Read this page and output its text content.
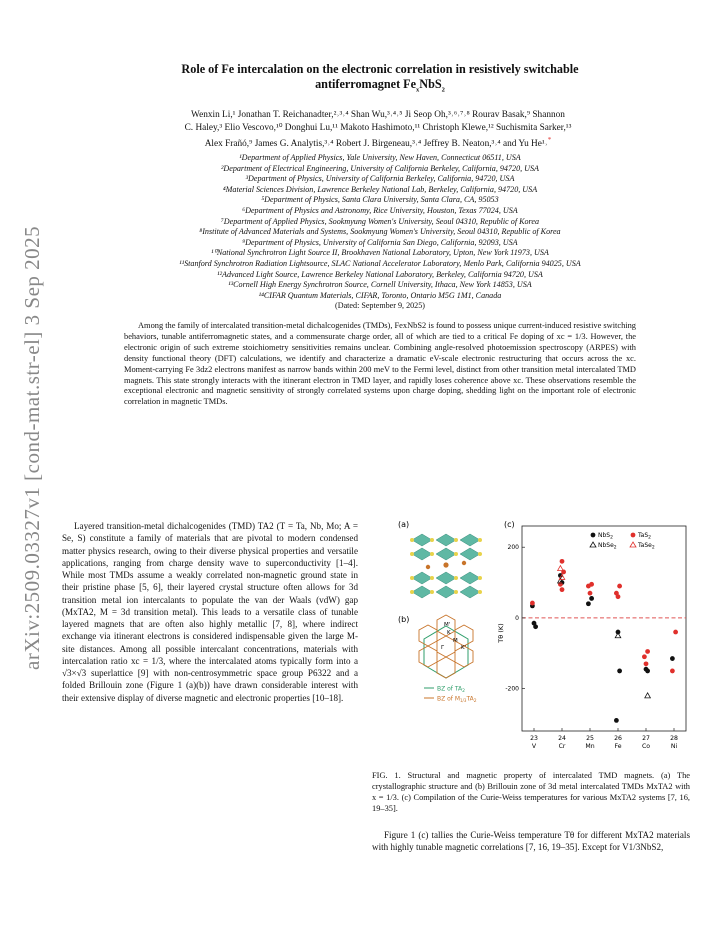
arXiv:2509.03327v1 [cond-mat.str-el] 3 Sep 2025
Role of Fe intercalation on the electronic correlation in resistively switchable
antiferromagnet $Fe_xNbS_2$
Wenxin Li,¹ Jonathan T. Reichanadter,²˒³˒⁴ Shan Wu,³˒⁴˒⁵ Ji Seop Oh,³˒⁶˒⁷˒⁸ Rourav Basak,⁹ Shannon
C. Haley,³ Elio Vescovo,¹⁰ Donghui Lu,¹¹ Makoto Hashimoto,¹¹ Christoph Klewe,¹² Suchismita Sarker,¹³
Alex Frañó,⁹ James G. Analytis,³˒⁴ Robert J. Birgeneau,³˒⁴ Jeffrey B. Neaton,³˒⁴ and Yu He¹˒*
¹Department of Applied Physics, Yale University, New Haven, Connecticut 06511, USA
²Department of Electrical Engineering, University of California Berkeley, California, 94720, USA
³Department of Physics, University of California Berkeley, California, 94720, USA
⁴Material Sciences Division, Lawrence Berkeley National Lab, Berkeley, California, 94720, USA
⁵Department of Physics, Santa Clara University, Santa Clara, CA, 95053
⁶Department of Physics and Astronomy, Rice University, Houston, Texas 77024, USA
⁷Department of Applied Physics, Sookmyung Women's University, Seoul 04310, Republic of Korea
⁸Institute of Advanced Materials and Systems, Sookmyung Women's University, Seoul 04310, Republic of Korea
⁹Department of Physics, University of California San Diego, California, 92093, USA
¹⁰National Synchrotron Light Source II, Brookhaven National Laboratory, Upton, New York 11973, USA
¹¹Stanford Synchrotron Radiation Lightsource, SLAC National Accelerator Laboratory, Menlo Park, California 94025, USA
¹²Advanced Light Source, Lawrence Berkeley National Laboratory, Berkeley, California 94720, USA
¹³Cornell High Energy Synchrotron Source, Cornell University, Ithaca, New York 14853, USA
¹⁴CIFAR Quantum Materials, CIFAR, Toronto, Ontario M5G 1M1, Canada
(Dated: September 9, 2025)
Among the family of intercalated transition-metal dichalcogenides (TMDs), FexNbS2 is found to possess unique current-induced resistive switching behaviors, tunable antiferromagnetic states, and a commensurate charge order, all of which are tied to a critical Fe doping of xc = 1/3. However, the electronic origin of such extreme stoichiometry sensitivities remains unclear. Combining angle-resolved photoemission spectroscopy (ARPES) with density functional theory (DFT) calculations, we identify and characterize a dramatic eV-scale electronic restructuring that occurs across the xc. Moment-carrying Fe 3dz2 electrons manifest as narrow bands within 200 meV to the Fermi level, distinct from other transition metal intercalated TMD magnets. This state strongly interacts with the itinerant electron in TMD layer, and rapidly loses coherence above xc. These observations resemble the exceptional electronic and magnetic sensitivity of strongly correlated systems upon charge doping, shedding light on the important role of electronic correlation in magnetic TMDs.
Layered transition-metal dichalcogenides (TMD) TA2 (T = Ta, Nb, Mo; A = Se, S) constitute a family of materials that are pivotal to modern condensed matter physics research, owing to their diverse physical properties and versatile applications, ranging from charge density wave to superconductivity [1–4]. While most TMDs assume a weakly correlated non-magnetic ground state in their pristine phase [5, 6], their layered crystal structure often allows for 3d transition metal ion intercalants to populate the van der Waals (vdW) gap (MxTA2, M = 3d transition metal). This leads to a versatile class of tunable layered magnets that are often also highly metallic [7, 8], where indirect exchange via itinerant electrons is considered indispensable given the large M-site distances. Among all possible intercalant concentrations, materials with intercalation ratio xc = 1/3, where the intercalated atoms typically form into a √3×√3 superlattice [9] with non-centrosymmetric space group P6322 and a folded Brillouin zone (Figure 1 (a)(b)) have drawn considerable interest with their extensive display of diverse magnetic and electronic properties [10–18].
(a)
(b)
K
M
Γ
M'
K'
BZ of $TA_2$
BZ of $M_{1/3}TA_2$
(c)
Tθ (K)
200
0
-200
23
V
24
Cr
25
Mn
26
Fe
27
Co
28
Ni
NbS$_2$	TaS$_2$
NbSe$_2$	TaSe$_2$
FIG. 1. Structural and magnetic property of intercalated TMD magnets. (a) The crystallographic structure and (b) Brillouin zone of 3d metal intercalated TMDs MxTA2 with x = 1/3. (c) Compilation of the Curie-Weiss temperatures for various MxTA2 systems [7, 16, 19–35].
Figure 1 (c) tallies the Curie-Weiss temperature Tθ for different MxTA2 materials with highly tunable magnetic correlations [7, 16, 19–35]. Except for V1/3NbS2,
